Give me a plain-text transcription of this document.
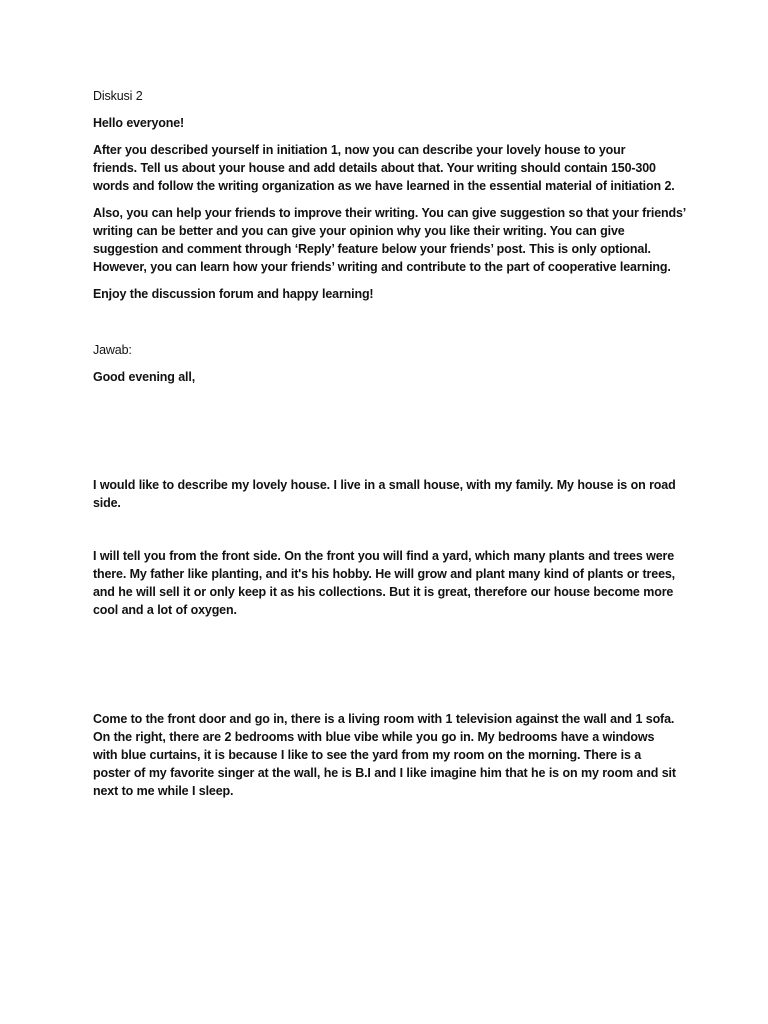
Diskusi 2

Hello everyone!

After you described yourself in initiation 1, now you can describe your lovely house to your
friends. Tell us about your house and add details about that. Your writing should contain 150-300
words and follow the writing organization as we have learned in the essential material of initiation 2.
Also, you can help your friends to improve their writing. You can give suggestion so that your friends’
writing can be better and you can give your opinion why you like their writing. You can give
suggestion and comment through ‘Reply’ feature below your friends’ post. This is only optional.
However, you can learn how your friends’ writing and contribute to the part of cooperative learning.

Enjoy the discussion forum and happy learning!

Jawab:

Good evening all,

I would like to describe my lovely house. I live in a small house, with my family. My house is on road
side.
I will tell you from the front side. On the front you will find a yard, which many plants and trees were
there. My father like planting, and it's his hobby. He will grow and plant many kind of plants or trees,
and he will sell it or only keep it as his collections. But it is great, therefore our house become more
cool and a lot of oxygen.
Come to the front door and go in, there is a living room with 1 television against the wall and 1 sofa.
On the right, there are 2 bedrooms with blue vibe while you go in. My bedrooms have a windows
with blue curtains, it is because I like to see the yard from my room on the morning. There is a
poster of my favorite singer at the wall, he is B.I and I like imagine him that he is on my room and sit
next to me while I sleep.
